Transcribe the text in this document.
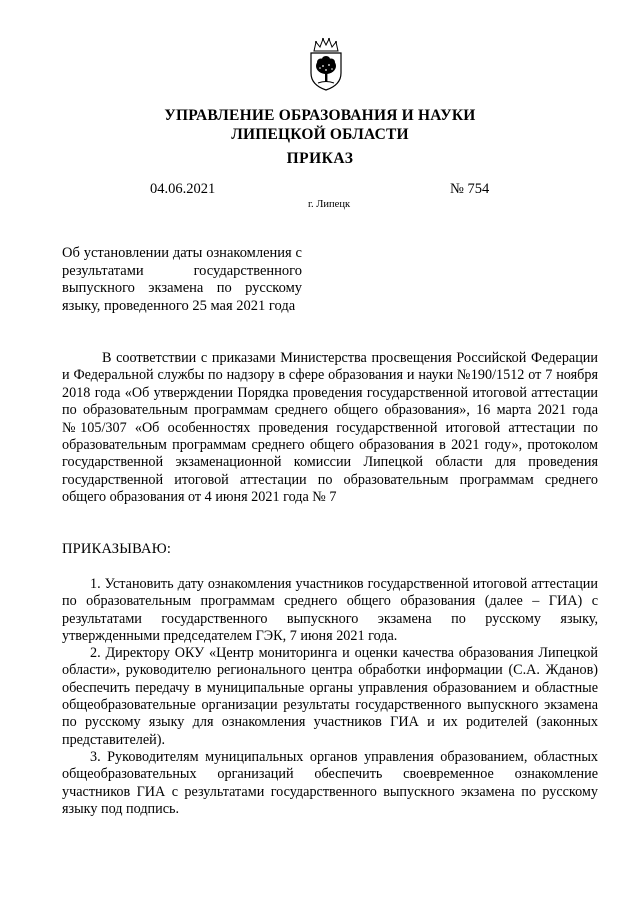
УПРАВЛЕНИЕ ОБРАЗОВАНИЯ И НАУКИ
ЛИПЕЦКОЙ ОБЛАСТИ
ПРИКАЗ
04.06.2021	№ 754
г. Липецк
Об установлении даты ознакомления с результатами государственного выпускного экзамена по русскому языку, проведенного 25 мая 2021 года
В соответствии с приказами Министерства просвещения Российской Федерации и Федеральной службы по надзору в сфере образования и науки №190/1512 от 7 ноября 2018 года «Об утверждении Порядка проведения государственной итоговой аттестации по образовательным программам среднего общего образования», 16 марта 2021 года №105/307 «Об особенностях проведения государственной итоговой аттестации по образовательным программам среднего общего образования в 2021 году», протоколом государственной экзаменационной комиссии Липецкой области для проведения государственной итоговой аттестации по образовательным программам среднего общего образования от 4 июня 2021 года № 7
ПРИКАЗЫВАЮ:

1. Установить дату ознакомления участников государственной итоговой аттестации по образовательным программам среднего общего образования (далее – ГИА) с результатами государственного выпускного экзамена по русскому языку, утвержденными председателем ГЭК, 7 июня 2021 года.

2. Директору ОКУ «Центр мониторинга и оценки качества образования Липецкой области», руководителю регионального центра обработки информации (С.А. Жданов) обеспечить передачу в муниципальные органы управления образованием и областные общеобразовательные организации результаты государственного выпускного экзамена по русскому языку для ознакомления участников ГИА и их родителей (законных представителей).

3. Руководителям муниципальных органов управления образованием, областных общеобразовательных организаций обеспечить своевременное ознакомление участников ГИА с результатами государственного выпускного экзамена по русскому языку под подпись.
